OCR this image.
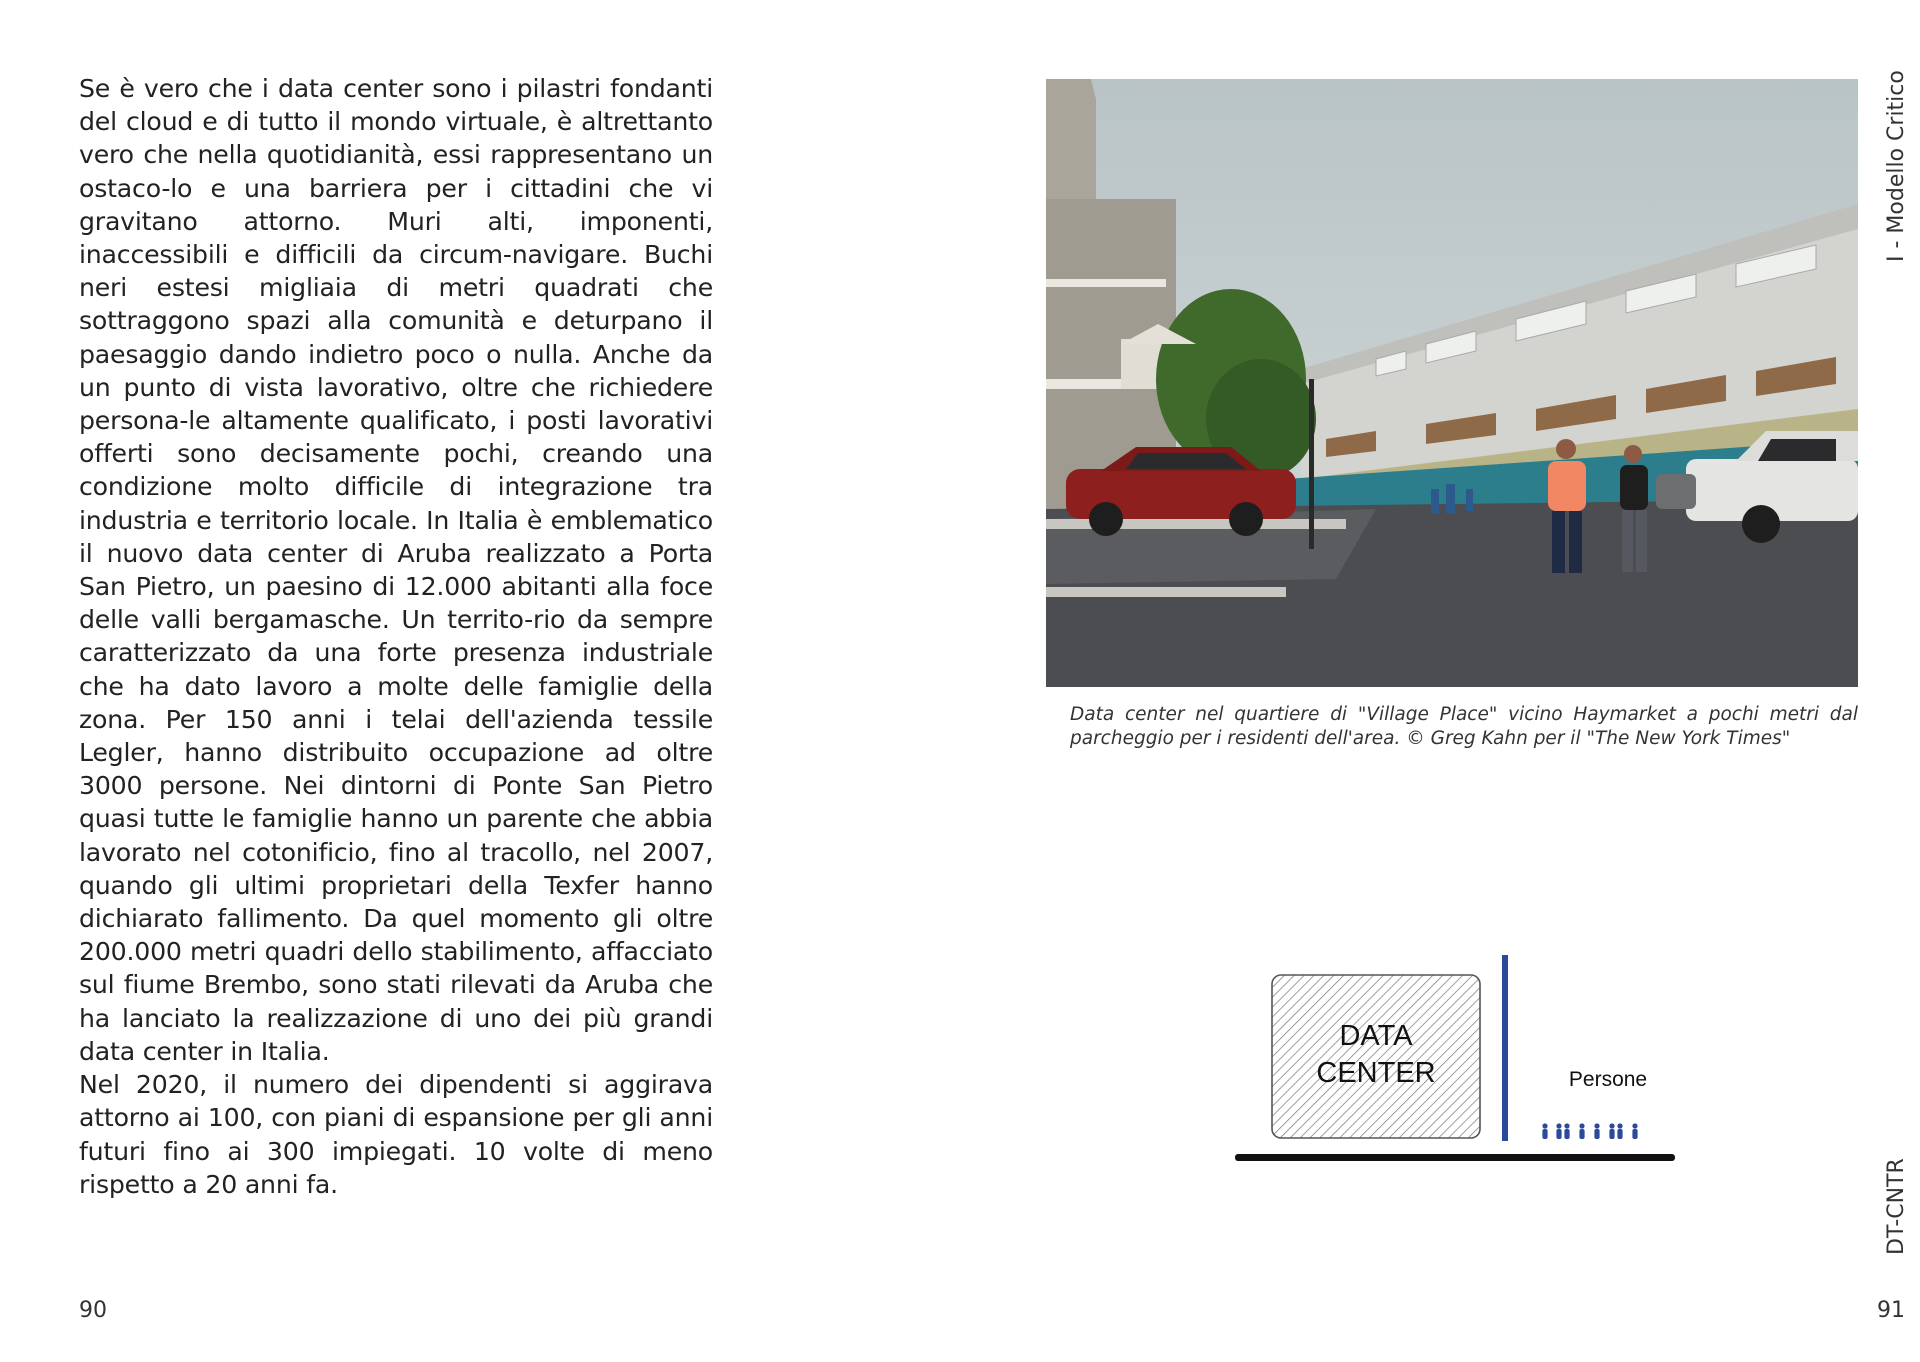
Se è vero che i data center sono i pilastri fondanti del cloud e di tutto il mondo virtuale, è altrettanto vero che nella quotidianità, essi rappresentano un ostaco-lo e una barriera per i cittadini che vi gravitano attorno. Muri alti, imponenti, inaccessibili e difficili da circum-navigare. Buchi neri estesi migliaia di metri quadrati che sottraggono spazi alla comunità e deturpano il paesaggio dando indietro poco o nulla. Anche da un punto di vista lavorativo, oltre che richiedere persona-le altamente qualificato, i posti lavorativi offerti sono decisamente pochi, creando una condizione molto difficile di integrazione tra industria e territorio locale. In Italia è emblematico il nuovo data center di Aruba realizzato a Porta San Pietro, un paesino di 12.000 abitanti alla foce delle valli bergamasche. Un territo-rio da sempre caratterizzato da una forte presenza industriale che ha dato lavoro a molte delle famiglie della zona. Per 150 anni i telai dell'azienda tessile Legler, hanno distribuito occupazione ad oltre 3000 persone. Nei dintorni di Ponte San Pietro quasi tutte le famiglie hanno un parente che abbia lavorato nel cotonificio, fino al tracollo, nel 2007, quando gli ultimi proprietari della Texfer hanno dichiarato fallimento. Da quel momento gli oltre 200.000 metri quadri dello stabilimento, affacciato sul fiume Brembo, sono stati rilevati da Aruba che ha lanciato la realizzazione di uno dei più grandi data center in Italia.

Nel 2020, il numero dei dipendenti si aggirava attorno ai 100, con piani di espansione per gli anni futuri fino ai 300 impiegati. 10 volte di meno rispetto a 20 anni fa.

90
I - Modello Critico
DT-CNTR
91
Data center nel quartiere di "Village Place" vicino Haymarket a pochi metri dal parcheggio per i residenti dell'area. © Greg Kahn per il "The New York Times"
DATA
CENTER	Persone
